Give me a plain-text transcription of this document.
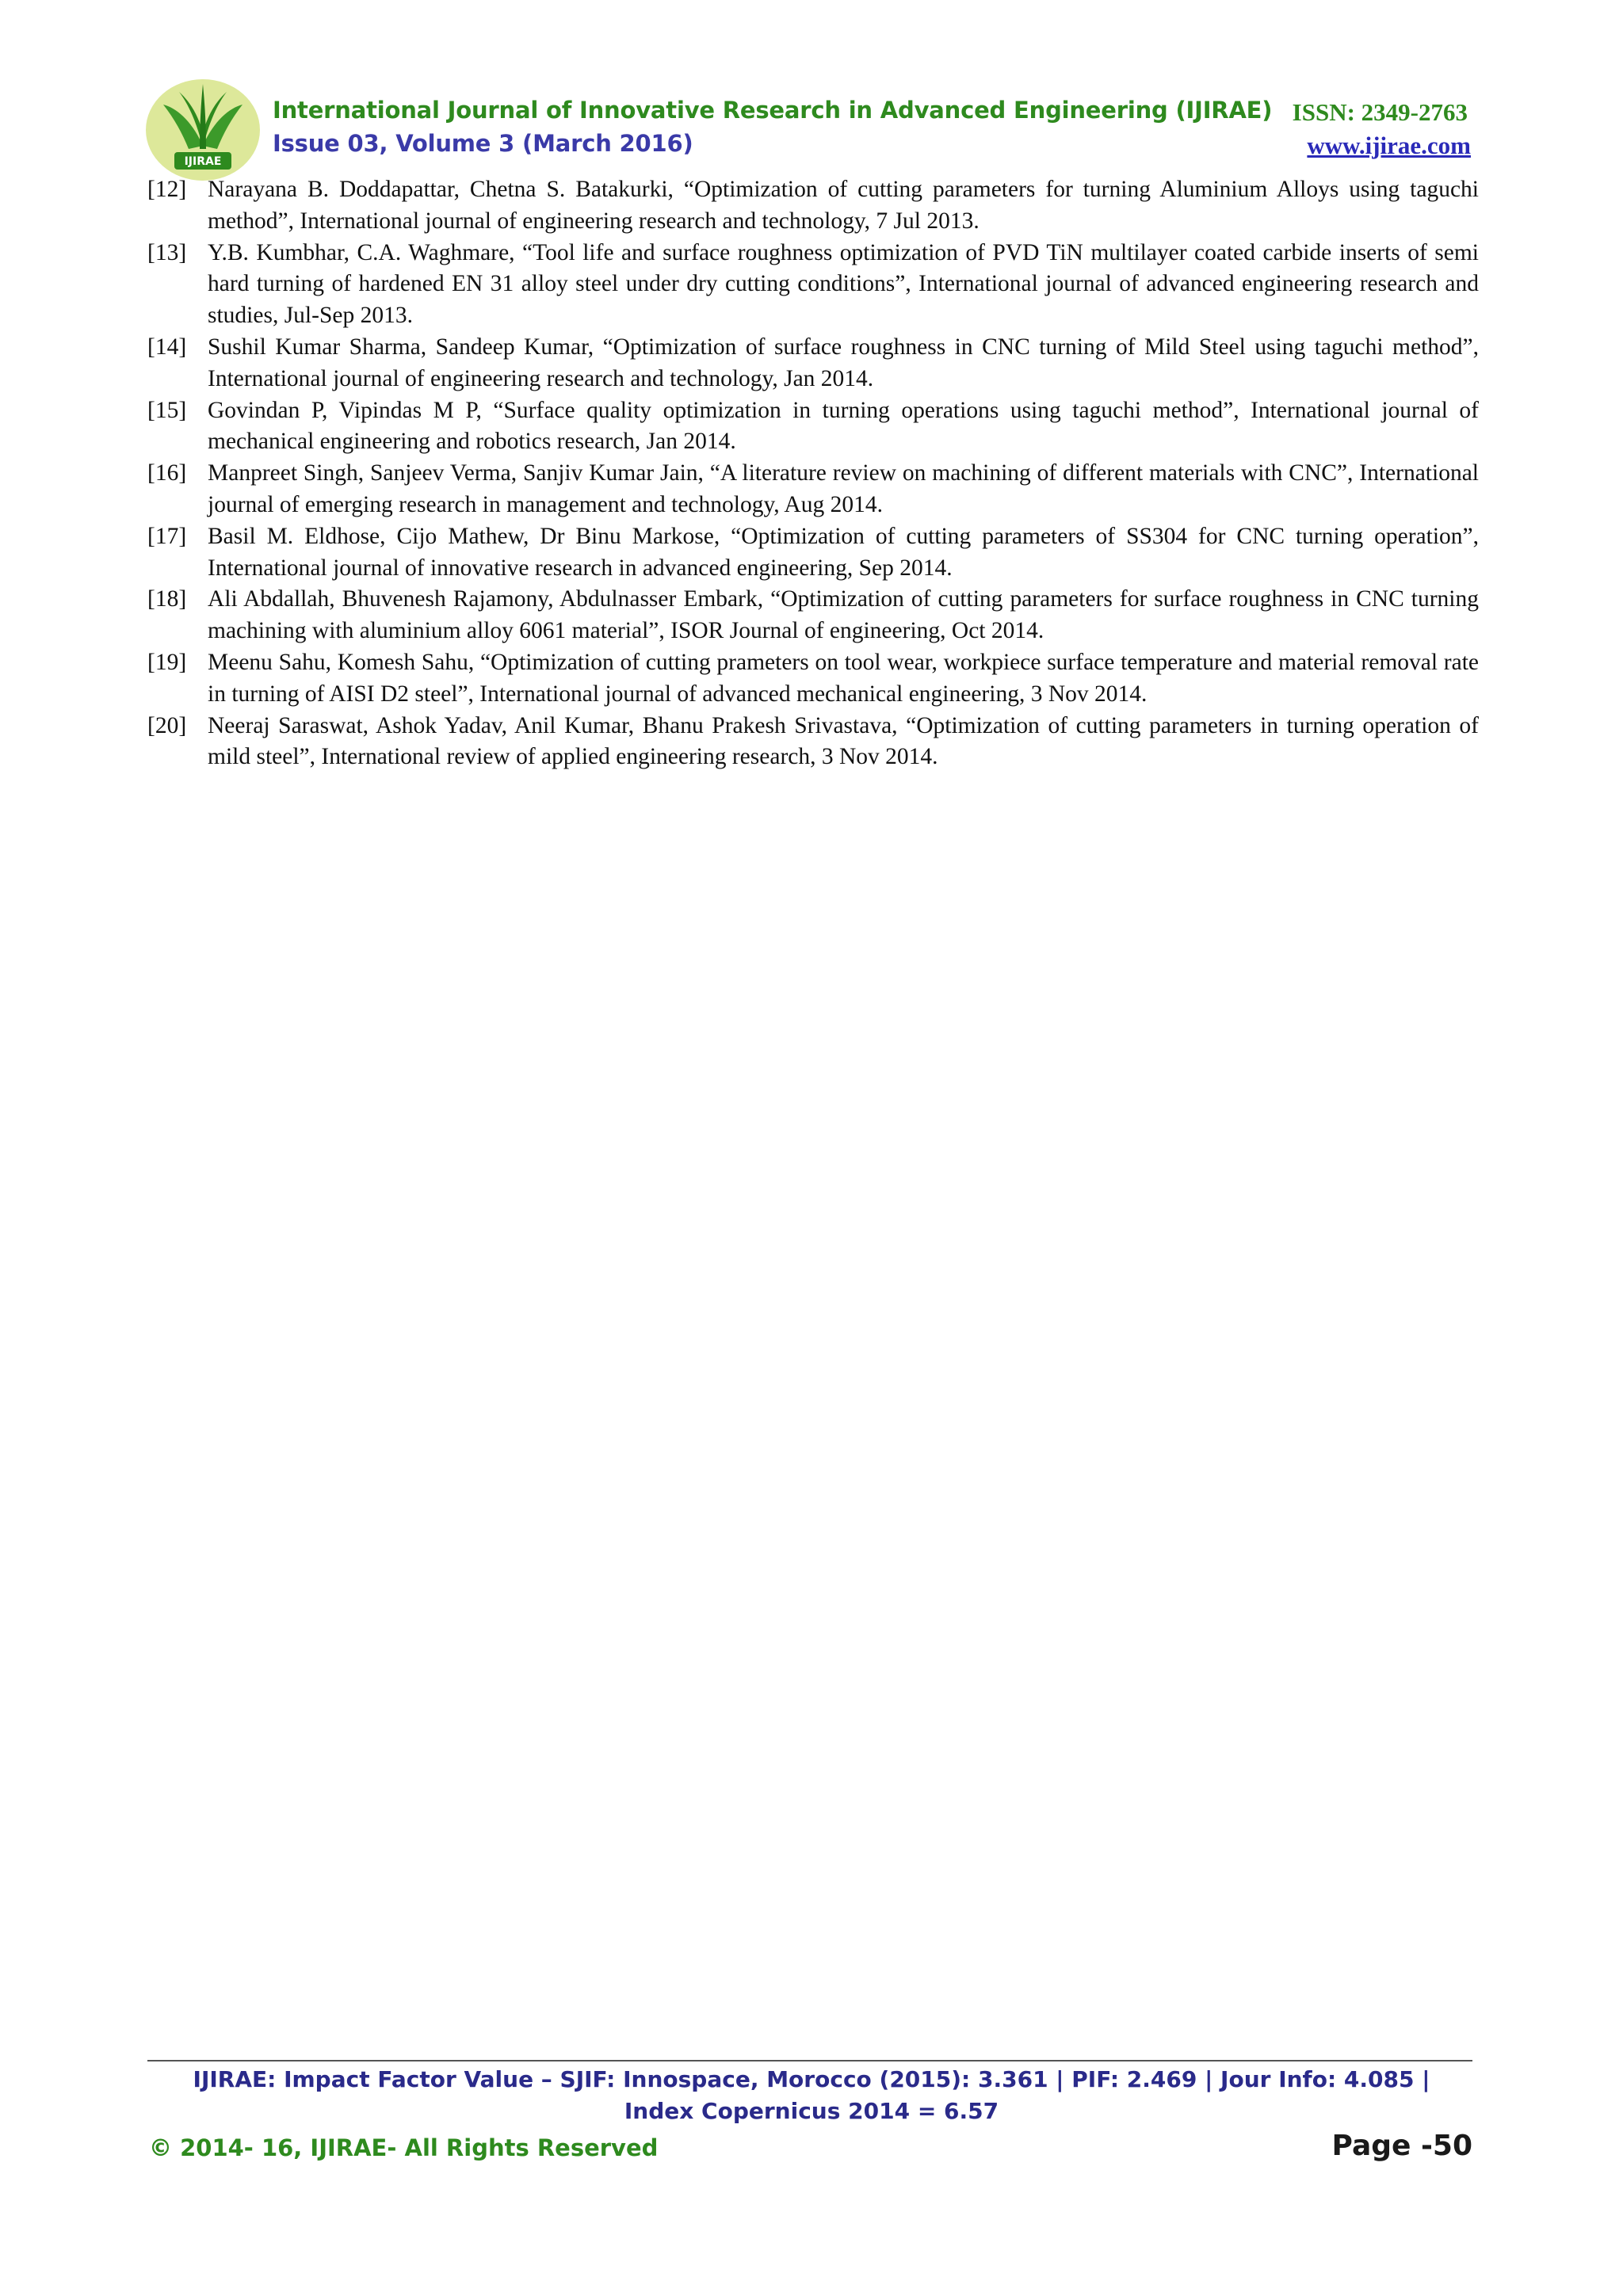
IJIRAE
International Journal of Innovative Research in Advanced Engineering (IJIRAE) ISSN: 2349-2763
Issue 03, Volume 3 (March 2016)	www.ijirae.com
[12] Narayana B. Doddapattar, Chetna S. Batakurki, “Optimization of cutting parameters for turning Aluminium Alloys using taguchi method”, International journal of engineering research and technology, 7 Jul 2013.
[13] Y.B. Kumbhar, C.A. Waghmare, “Tool life and surface roughness optimization of PVD TiN multilayer coated carbide inserts of semi hard turning of hardened EN 31 alloy steel under dry cutting conditions”, International journal of advanced engineering research and studies, Jul-Sep 2013.
[14] Sushil Kumar Sharma, Sandeep Kumar, “Optimization of surface roughness in CNC turning of Mild Steel using taguchi method”, International journal of engineering research and technology, Jan 2014.
[15] Govindan P, Vipindas M P, “Surface quality optimization in turning operations using taguchi method”, International journal of mechanical engineering and robotics research, Jan 2014.
[16] Manpreet Singh, Sanjeev Verma, Sanjiv Kumar Jain, “A literature review on machining of different materials with CNC”, International journal of emerging research in management and technology, Aug 2014.
[17] Basil M. Eldhose, Cijo Mathew, Dr Binu Markose, “Optimization of cutting parameters of SS304 for CNC turning operation”, International journal of innovative research in advanced engineering, Sep 2014.
[18] Ali Abdallah, Bhuvenesh Rajamony, Abdulnasser Embark, “Optimization of cutting parameters for surface roughness in CNC turning machining with aluminium alloy 6061 material”, ISOR Journal of engineering, Oct 2014.
[19] Meenu Sahu, Komesh Sahu, “Optimization of cutting prameters on tool wear, workpiece surface temperature and material removal rate in turning of AISI D2 steel”, International journal of advanced mechanical engineering, 3 Nov 2014.
[20] Neeraj Saraswat, Ashok Yadav, Anil Kumar, Bhanu Prakesh Srivastava, “Optimization of cutting parameters in turning operation of mild steel”, International review of applied engineering research, 3 Nov 2014.
IJIRAE: Impact Factor Value – SJIF: Innospace, Morocco (2015): 3.361 | PIF: 2.469 | Jour Info: 4.085 |
Index Copernicus 2014 = 6.57
© 2014- 16, IJIRAE- All Rights Reserved	Page -50
